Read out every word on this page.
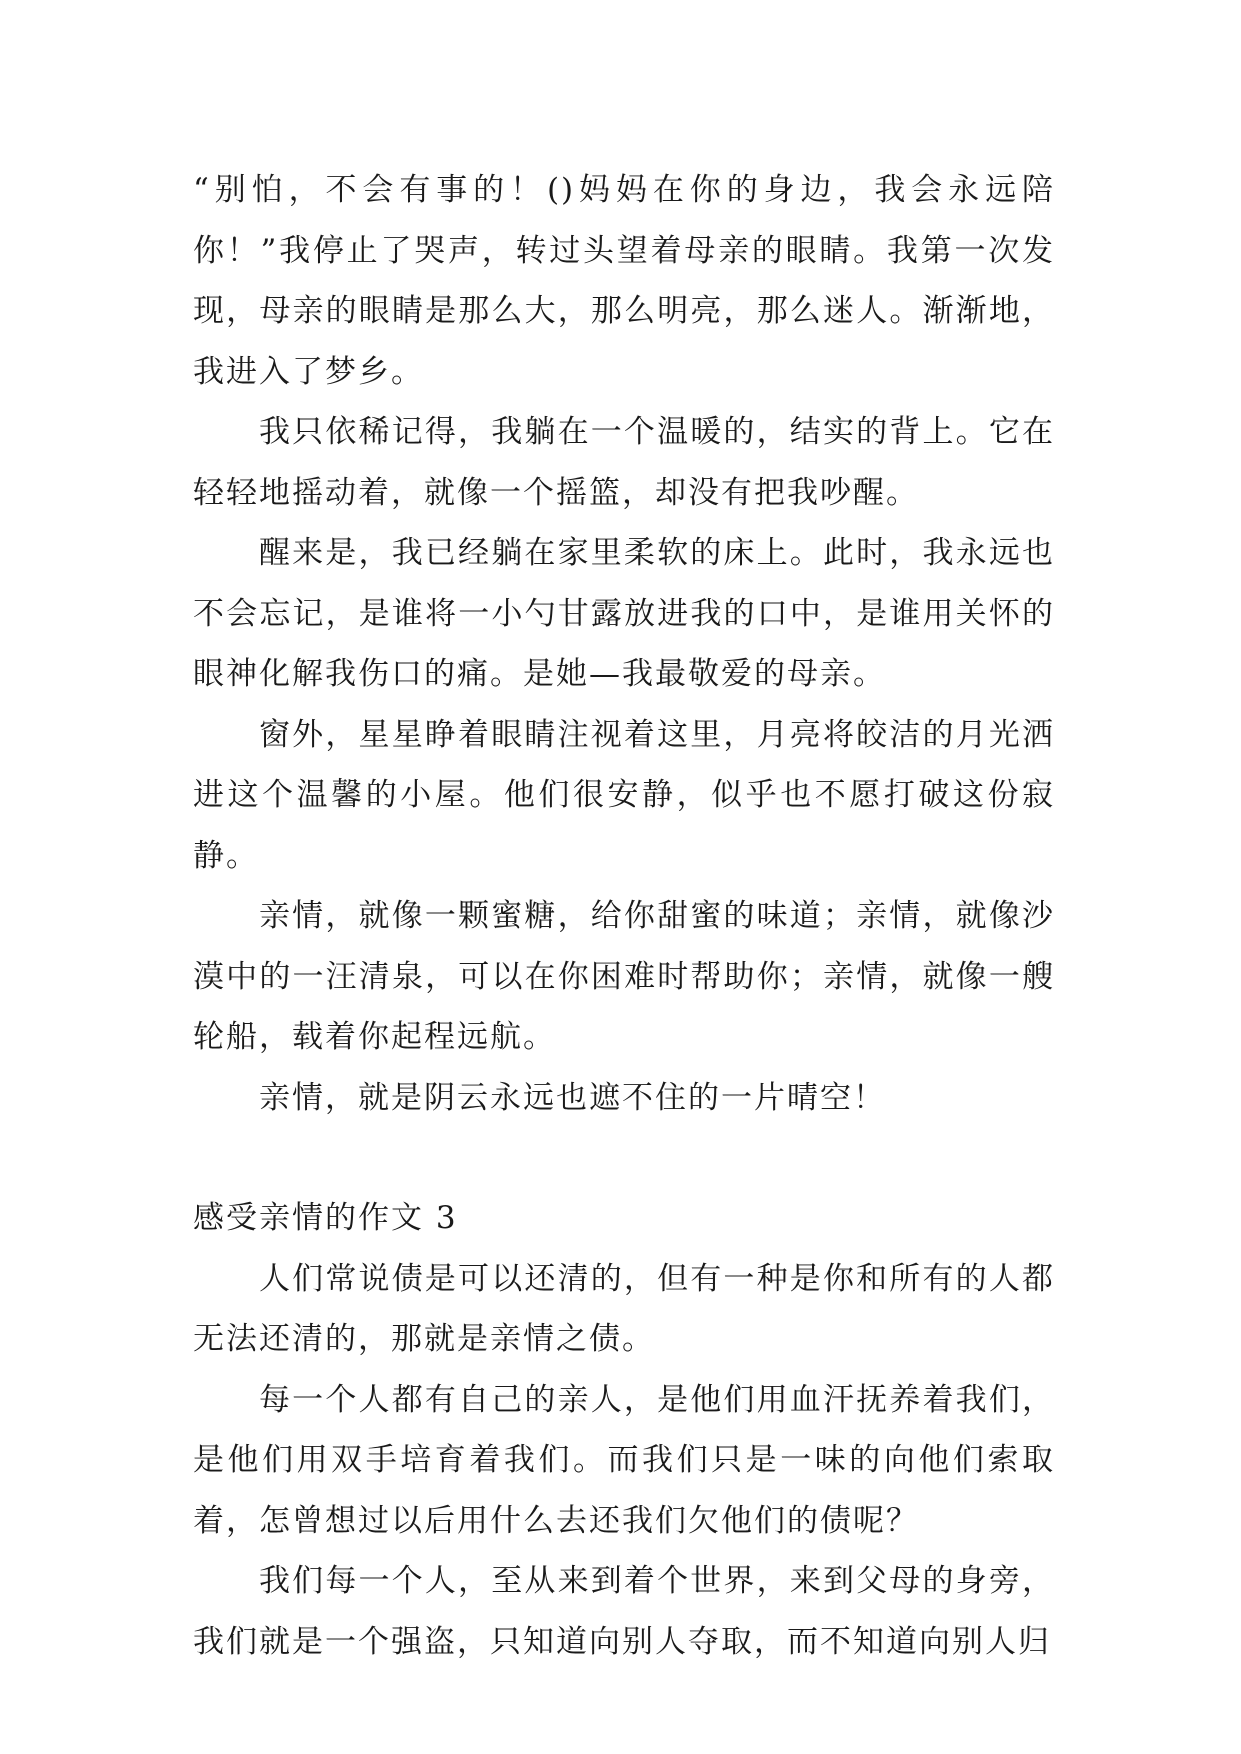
“别怕，不会有事的！()妈妈在你的身边，我会永远陪你！”我停止了哭声，转过头望着母亲的眼睛。我第一次发现，母亲的眼睛是那么大，那么明亮，那么迷人。渐渐地，我进入了梦乡。

我只依稀记得，我躺在一个温暖的，结实的背上。它在轻轻地摇动着，就像一个摇篮，却没有把我吵醒。

醒来是，我已经躺在家里柔软的床上。此时，我永远也不会忘记，是谁将一小勺甘露放进我的口中，是谁用关怀的眼神化解我伤口的痛。是她—我最敬爱的母亲。

窗外，星星睁着眼睛注视着这里，月亮将皎洁的月光洒进这个温馨的小屋。他们很安静，似乎也不愿打破这份寂静。

亲情，就像一颗蜜糖，给你甜蜜的味道；亲情，就像沙漠中的一汪清泉，可以在你困难时帮助你；亲情，就像一艘轮船，载着你起程远航。

亲情，就是阴云永远也遮不住的一片晴空！

感受亲情的作文 3

人们常说债是可以还清的，但有一种是你和所有的人都无法还清的，那就是亲情之债。

每一个人都有自己的亲人，是他们用血汗抚养着我们，是他们用双手培育着我们。而我们只是一味的向他们索取着，怎曾想过以后用什么去还我们欠他们的债呢？

我们每一个人，至从来到着个世界，来到父母的身旁，我们就是一个强盗，只知道向别人夺取，而不知道向别人归
